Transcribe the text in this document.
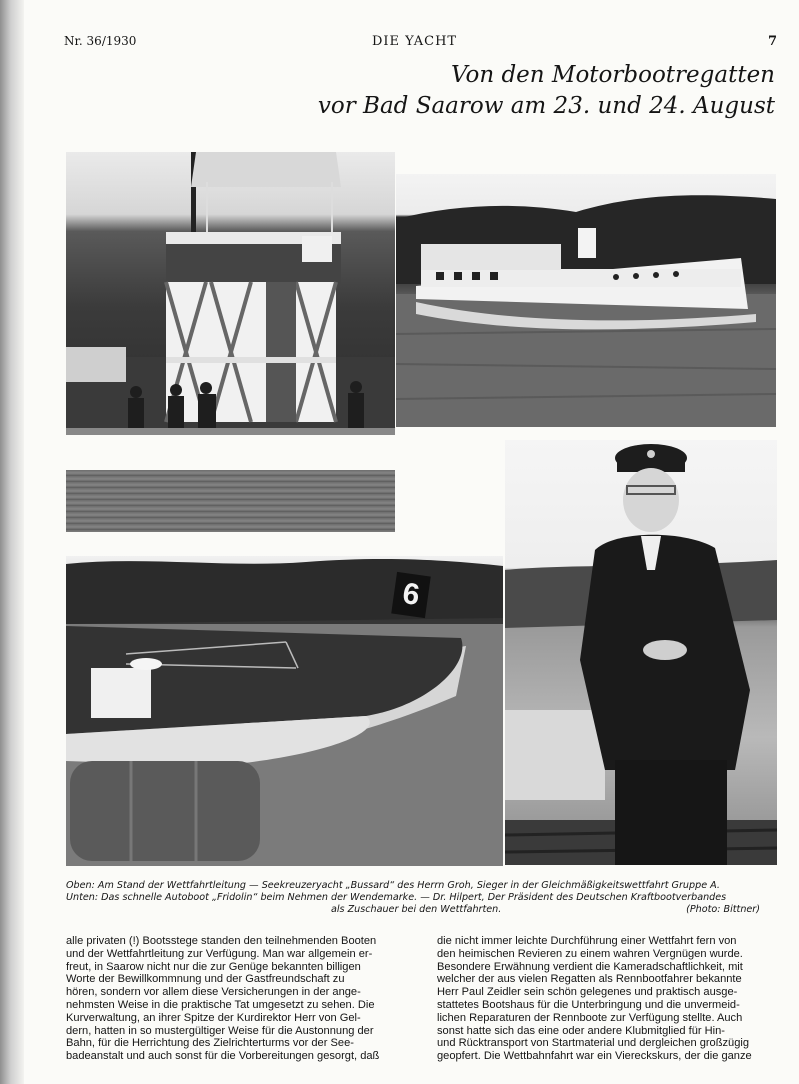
Nr. 36/1930	DIE YACHT	7
Von den Motorbootregatten
vor Bad Saarow am 23. und 24. August
6

Oben: Am Stand der Wettfahrtleitung — Seekreuzeryacht „Bussard“ des Herrn Groh, Sieger in der Gleichmäßigkeitswettfahrt Gruppe A.

Unten: Das schnelle Autoboot „Fridolin“ beim Nehmen der Wendemarke. — Dr. Hilpert, Der Präsident des Deutschen Kraftbootverbandes

als Zuschauer bei den Wettfahrten.	(Photo: Bittner)

alle privaten (!) Bootsstege standen den teilnehmenden Booten

und der Wettfahrtleitung zur Verfügung. Man war allgemein er-

freut, in Saarow nicht nur die zur Genüge bekannten billigen

Worte der Bewillkommnung und der Gastfreundschaft zu

hören, sondern vor allem diese Versicherungen in der ange-

nehmsten Weise in die praktische Tat umgesetzt zu sehen. Die

Kurverwaltung, an ihrer Spitze der Kurdirektor Herr von Gel-

dern, hatten in so mustergültiger Weise für die Austonnung der

Bahn, für die Herrichtung des Zielrichterturms vor der See-

badeanstalt und auch sonst für die Vorbereitungen gesorgt, daß

die nicht immer leichte Durchführung einer Wettfahrt fern von

den heimischen Revieren zu einem wahren Vergnügen wurde.

Besondere Erwähnung verdient die Kameradschaftlichkeit, mit

welcher der aus vielen Regatten als Rennbootfahrer bekannte

Herr Paul Zeidler sein schön gelegenes und praktisch ausge-

stattetes Bootshaus für die Unterbringung und die unvermeid-

lichen Reparaturen der Rennboote zur Verfügung stellte. Auch

sonst hatte sich das eine oder andere Klubmitglied für Hin-

und Rücktransport von Startmaterial und dergleichen großzügig

geopfert. Die Wettbahnfahrt war ein Viereckskurs, der die ganze
